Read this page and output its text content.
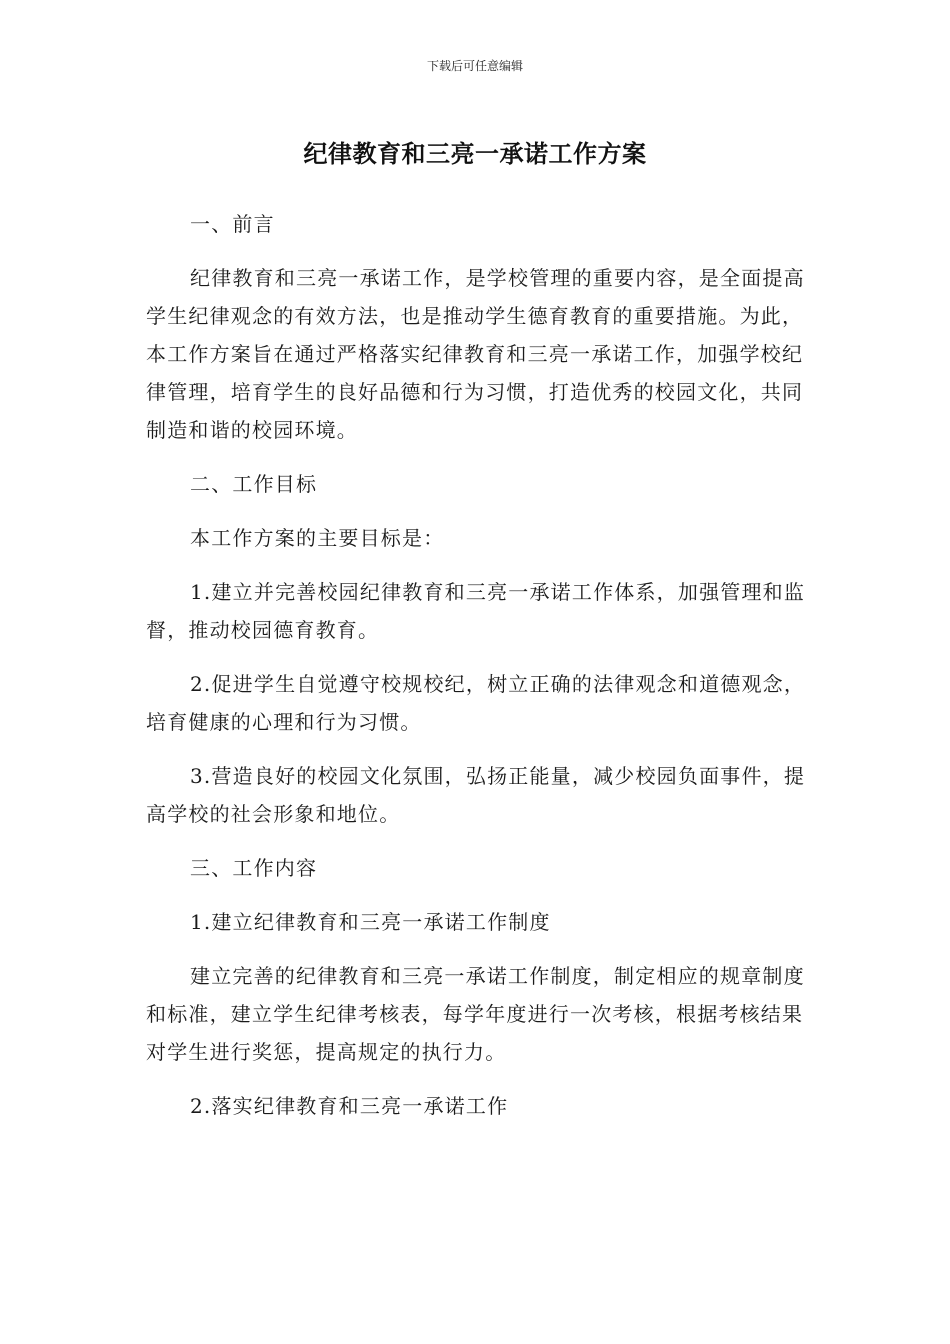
下载后可任意编辑
纪律教育和三亮一承诺工作方案

一、前言

纪律教育和三亮一承诺工作，是学校管理的重要内容，是全面提高学生纪律观念的有效方法，也是推动学生德育教育的重要措施。为此，本工作方案旨在通过严格落实纪律教育和三亮一承诺工作，加强学校纪律管理，培育学生的良好品德和行为习惯，打造优秀的校园文化，共同制造和谐的校园环境。

二、工作目标

本工作方案的主要目标是：

1.建立并完善校园纪律教育和三亮一承诺工作体系，加强管理和监督，推动校园德育教育。

2.促进学生自觉遵守校规校纪，树立正确的法律观念和道德观念，培育健康的心理和行为习惯。

3.营造良好的校园文化氛围，弘扬正能量，减少校园负面事件，提高学校的社会形象和地位。

三、工作内容

1.建立纪律教育和三亮一承诺工作制度

建立完善的纪律教育和三亮一承诺工作制度，制定相应的规章制度和标准，建立学生纪律考核表，每学年度进行一次考核，根据考核结果对学生进行奖惩，提高规定的执行力。

2.落实纪律教育和三亮一承诺工作
